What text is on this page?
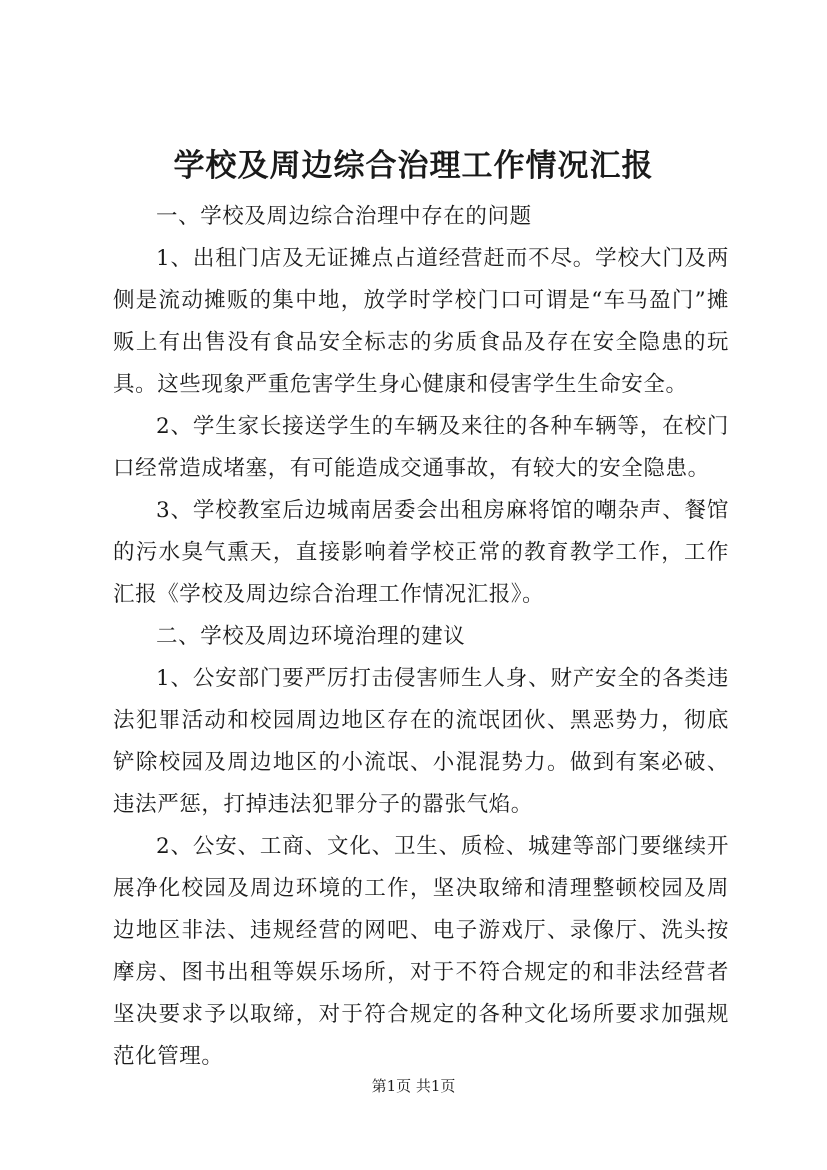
学校及周边综合治理工作情况汇报

一、学校及周边综合治理中存在的问题

1、出租门店及无证摊点占道经营赶而不尽。学校大门及两侧是流动摊贩的集中地，放学时学校门口可谓是“车马盈门”摊贩上有出售没有食品安全标志的劣质食品及存在安全隐患的玩具。这些现象严重危害学生身心健康和侵害学生生命安全。

2、学生家长接送学生的车辆及来往的各种车辆等，在校门口经常造成堵塞，有可能造成交通事故，有较大的安全隐患。

3、学校教室后边城南居委会出租房麻将馆的嘲杂声、餐馆的污水臭气熏天，直接影响着学校正常的教育教学工作，工作汇报《学校及周边综合治理工作情况汇报》。

二、学校及周边环境治理的建议

1、公安部门要严厉打击侵害师生人身、财产安全的各类违法犯罪活动和校园周边地区存在的流氓团伙、黑恶势力，彻底铲除校园及周边地区的小流氓、小混混势力。做到有案必破、违法严惩，打掉违法犯罪分子的嚣张气焰。

2、公安、工商、文化、卫生、质检、城建等部门要继续开展净化校园及周边环境的工作，坚决取缔和清理整顿校园及周边地区非法、违规经营的网吧、电子游戏厅、录像厅、洗头按摩房、图书出租等娱乐场所，对于不符合规定的和非法经营者坚决要求予以取缔，对于符合规定的各种文化场所要求加强规范化管理。

第1页 共1页
